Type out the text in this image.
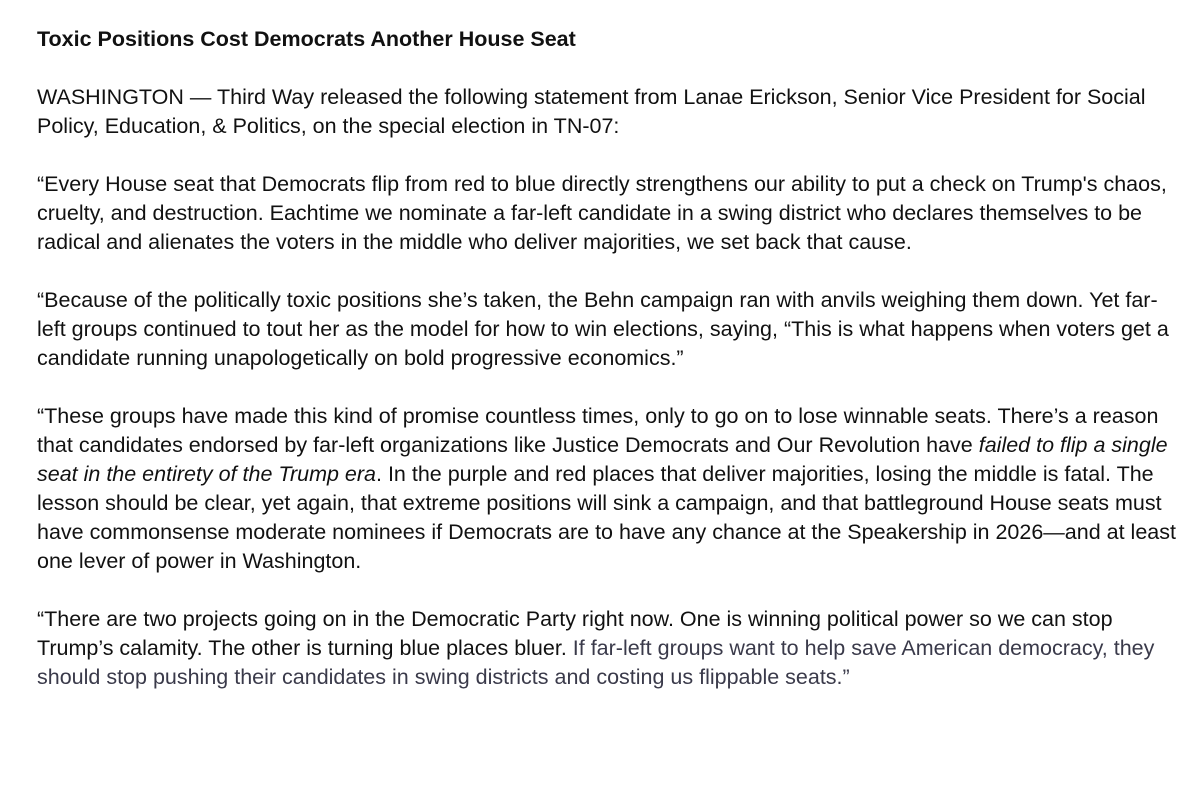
Toxic Positions Cost Democrats Another House Seat

WASHINGTON — Third Way released the following statement from Lanae Erickson, Senior Vice President for Social Policy, Education, & Politics, on the special election in TN-07:

“Every House seat that Democrats flip from red to blue directly strengthens our ability to put a check on Trump's chaos, cruelty, and destruction. Eachtime we nominate a far-left candidate in a swing district who declares themselves to be radical and alienates the voters in the middle who deliver majorities, we set back that cause.

“Because of the politically toxic positions she’s taken, the Behn campaign ran with anvils weighing them down. Yet far-left groups continued to tout her as the model for how to win elections, saying, “This is what happens when voters get a candidate running unapologetically on bold progressive economics.”

“These groups have made this kind of promise countless times, only to go on to lose winnable seats. There’s a reason that candidates endorsed by far-left organizations like Justice Democrats and Our Revolution have failed to flip a single seat in the entirety of the Trump era. In the purple and red places that deliver majorities, losing the middle is fatal. The lesson should be clear, yet again, that extreme positions will sink a campaign, and that battleground House seats must have commonsense moderate nominees if Democrats are to have any chance at the Speakership in 2026—and at least one lever of power in Washington.

“There are two projects going on in the Democratic Party right now. One is winning political power so we can stop Trump’s calamity. The other is turning blue places bluer. If far-left groups want to help save American democracy, they should stop pushing their candidates in swing districts and costing us flippable seats.”
